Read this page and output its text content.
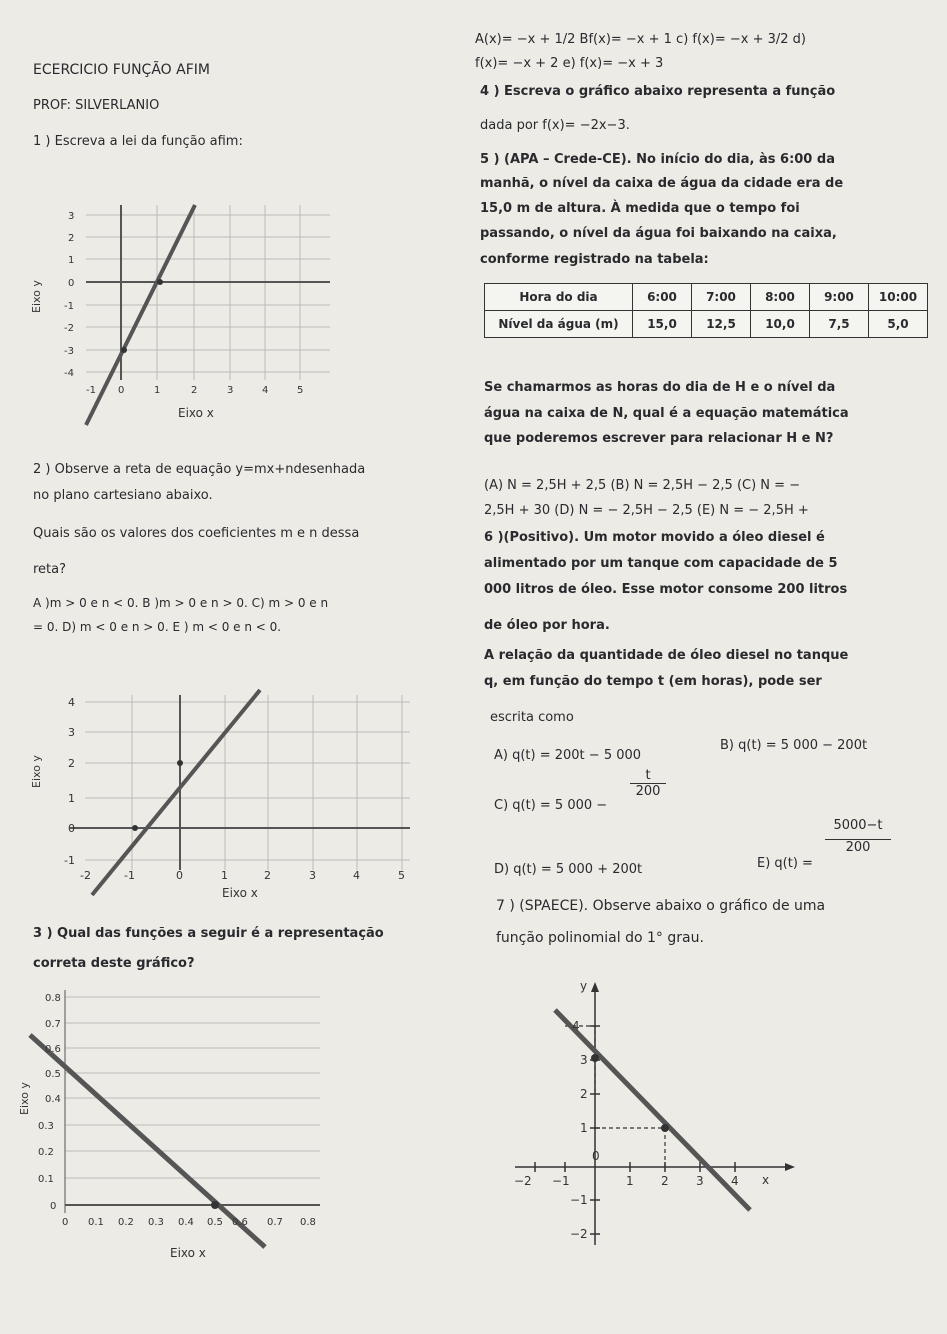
ECERCICIO FUNÇÃO AFIM
PROF: SILVERLANIO
1 ) Escreva a lei da função afim:
A(x)= −x + 1/2 Bf(x)= −x + 1 c) f(x)= −x + 3/2 d)
f(x)= −x + 2 e) f(x)= −x + 3
3
2
1
0
-1
-2
-3
-4
-1 0	1	2	3	4	5
Eixo x
Eixo y
2 ) Observe a reta de equação y=mx+ndesenhada
no plano cartesiano abaixo.
Quais são os valores dos coeficientes m e n dessa
reta?
A )m > 0 e n < 0. B )m > 0 e n > 0. C) m > 0 e n
= 0. D) m < 0 e n > 0. E ) m < 0 e n < 0.
4
3
2
1
0
-1
-2	-1	0	1	2	3	4	5
Eixo x
Eixo y
3 ) Qual das funções a seguir é a representação
correta deste gráfico?
0.8
0.7
0.6
0.5
0.4
0.3
0.2
0.1
0
0 0.1 0.2 0.3 0.4 0.5 0.6 0.7 0.8
Eixo x
Eixo y
4 ) Escreva o gráfico abaixo representa a função
dada por f(x)= −2x−3.
5 ) (APA – Crede-CE). No início do dia, às 6:00 da
manhã, o nível da caixa de água da cidade era de
15,0 m de altura. À medida que o tempo foi
passando, o nível da água foi baixando na caixa,
conforme registrado na tabela:
Hora do dia	6:00	7:00	8:00	9:00	10:00
Nível da água (m)	15,0	12,5	10,0	7,5	5,0
Se chamarmos as horas do dia de H e o nível da
água na caixa de N, qual é a equação matemática
que poderemos escrever para relacionar H e N?
(A) N = 2,5H + 2,5 (B) N = 2,5H − 2,5 (C) N = −
2,5H + 30 (D) N = − 2,5H − 2,5 (E) N = − 2,5H +
6 )(Positivo). Um motor movido a óleo diesel é
alimentado por um tanque com capacidade de 5
000 litros de óleo. Esse motor consome 200 litros
de óleo por hora.
A relação da quantidade de óleo diesel no tanque
q, em função do tempo t (em horas), pode ser
escrita como
A) q(t) = 200t − 5 000
B) q(t) = 5 000 − 200t
C) q(t) = 5 000 −
$\frac{t}{200}$
D) q(t) = 5 000 + 200t	E) q(t) =
$\frac{5000-t}{200}$
7 ) (SPAECE). Observe abaixo o gráfico de uma
função polinomial do 1° grau.
y
x
4
3
2
1
−1
−2
−2 −1
0
1 2 3 4
